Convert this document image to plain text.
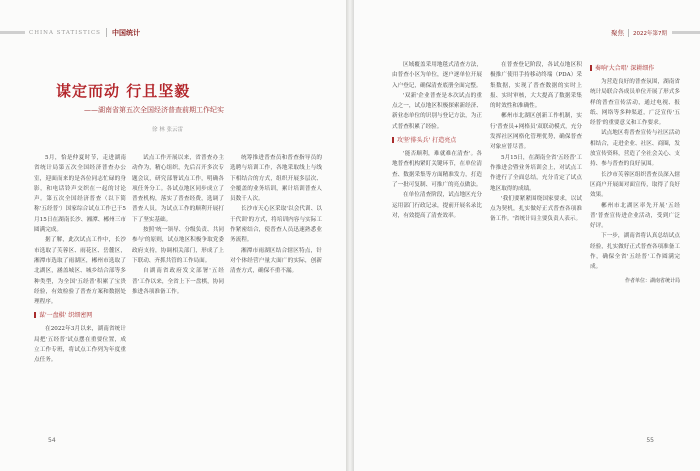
CHINA STATISTICS 中国统计
谋定而动 行且坚毅
——湖南省第五次全国经济普查前期工作纪实
徐 林 张云雷

5月，恰是仲夏时节，走进湖南省统计局第五次全国经济普查办公室，迎面而来的是各位同志忙碌的身影，和电话铃声交织在一起的讨论声。第五次全国经济普查（以下简称'五经普'）国家综合试点工作已于5月15日在湖南长沙、湘潭、郴州三市圆满完成。

据了解，此次试点工作中，长沙市选取了芙蓉区、雨花区、岳麓区，湘潭市选取了雨湖区，郴州市选取了北湖区，涵盖城区、城乡结合部等多种类型，为全国'五经普'积累了宝贵经验，有效检验了普查方案和数据处理程序。

谋'一盘棋' 织细密网

在2022年3月以来，湖南省统计局把'五经普'试点摆在重要位置，成立工作专班，将试点工作列为年度重点任务。

试点工作开展以来，省普查办主动作为，精心组织，先后召开多次专题会议，研究部署试点工作，明确各项任务分工。各试点地区同步成立了普查机构，落实了普查经费，选调了普查人员，为试点工作的顺利开展打下了坚实基础。

按照'统一领导、分级负责、共同参与'的原则，试点地区积极争取党委政府支持，协调相关部门，形成了上下联动、齐抓共管的工作局面。

自湖南省政府发文部署'五经普'工作以来，全省上下一盘棋，协同推进各项准备工作。

统筹推进普查员和普查指导员的选聘与培训工作，各地采取线上与线下相结合的方式，组织开展多层次、全覆盖的业务培训，累计培训普查人员数千人次。

长沙市天心区采取'以会代训、以干代训'的方式，将培训内容与实际工作紧密结合，使普查人员迅速熟悉业务流程。

湘潭市雨湖区结合辖区特点，针对个体经营户量大面广的实际，创新清查方式，确保不重不漏。

54
聚焦 2022年第7期

区域覆盖采用地毯式清查方法，由普查小区为单位，逐户逐单位开展入户登记，确保清查底册全面完整。

'双新'企业普查是本次试点的重点之一，试点地区积极探索新经济、新业态单位的识别与登记方法，为正式普查积累了经验。

攻坚'排头兵' 打造亮点

'能否顺利，难就难在清查'。各地普查机构紧盯关键环节，在单位清查、数据采集等方面精准发力，打造了一批可复制、可推广的亮点做法。

在单位清查阶段，试点地区充分运用部门行政记录，提前开展名录比对，有效提高了清查效率。

在普查登记阶段，各试点地区积极推广使用手持移动终端（PDA）采集数据，实现了普查数据的实时上报、实时审核，大大提高了数据采集的时效性和准确性。

郴州市北湖区创新工作机制，实行'普查员+网格员'双联动模式，充分发挥社区网格化管理优势，确保普查对象应普尽普。

5月15日，在湖南全省'五经普'工作推进会暨业务培训会上，对试点工作进行了全面总结，充分肯定了试点地区取得的成绩。

'我们要紧紧围绕国家要求，以试点为契机，扎实做好正式普查各项准备工作。'省统计局主要负责人表示。

奏响'大合唱' 深耕细作

为营造良好的普查氛围，湖南省统计局联合各成员单位开展了形式多样的普查宣传活动，通过电视、报纸、网络等多种渠道，广泛宣传'五经普'的重要意义和工作要求。

试点地区将普查宣传与社区活动相结合，走进企业、社区、商圈，发放宣传资料，营造了全社会关心、支持、参与普查的良好氛围。

长沙市芙蓉区组织普查员深入辖区商户开展面对面宣传，取得了良好效果。

郴州市北湖区率先开展'五经普'普查宣传进企业活动，受到广泛好评。

下一步，湖南省将认真总结试点经验，扎实做好正式普查各项准备工作，确保全省'五经普'工作圆满完成。

作者单位：湖南省统计局
55
